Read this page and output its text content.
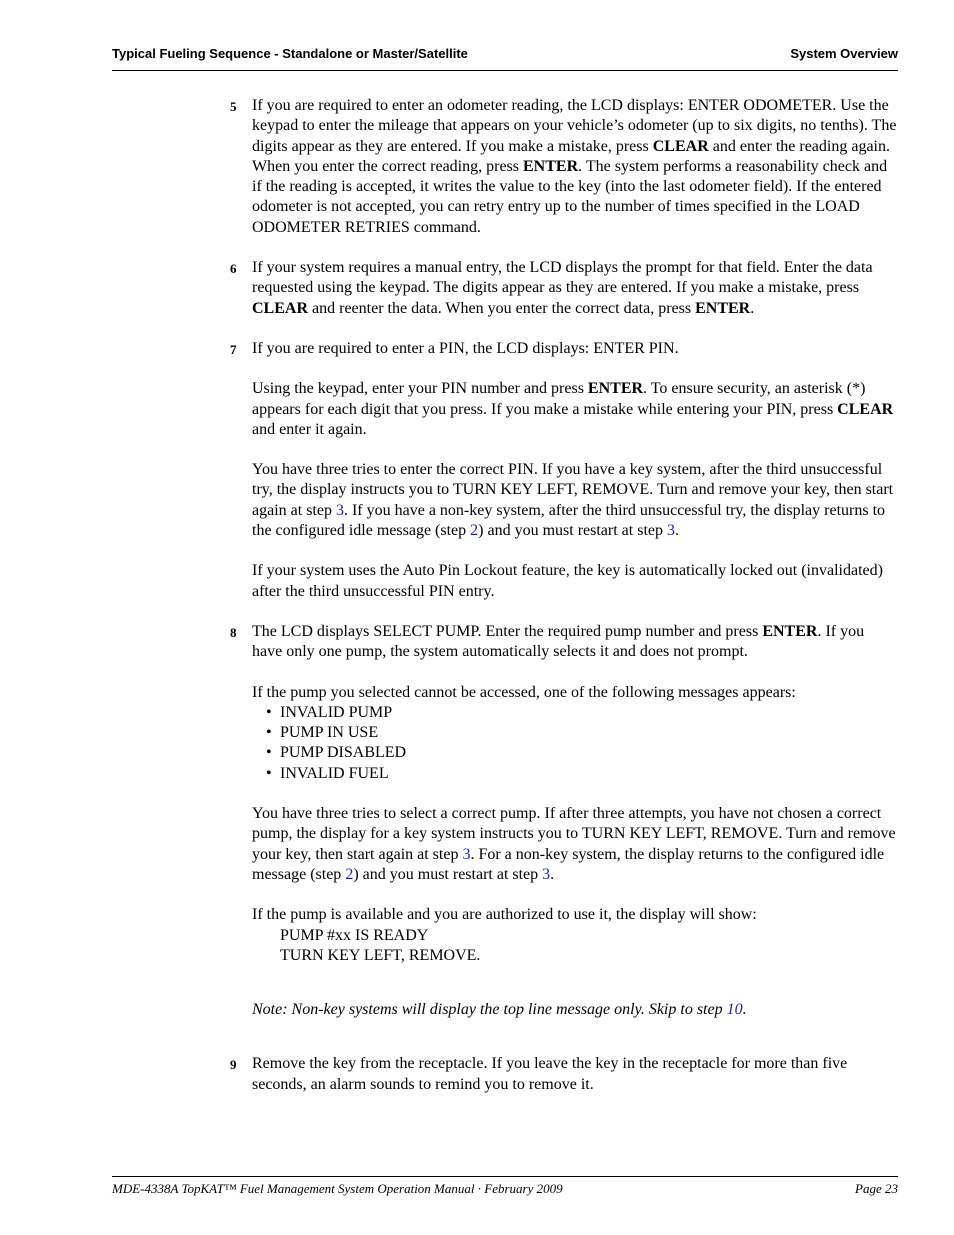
Typical Fueling Sequence - Standalone or Master/Satellite	System Overview
5 If you are required to enter an odometer reading, the LCD displays: ENTER ODOMETER. Use the keypad to enter the mileage that appears on your vehicle’s odometer (up to six digits, no tenths). The digits appear as they are entered. If you make a mistake, press CLEAR and enter the reading again. When you enter the correct reading, press ENTER. The system performs a reasonability check and if the reading is accepted, it writes the value to the key (into the last odometer field). If the entered odometer is not accepted, you can retry entry up to the number of times specified in the LOAD ODOMETER RETRIES command.

6 If your system requires a manual entry, the LCD displays the prompt for that field. Enter the data requested using the keypad. The digits appear as they are entered. If you make a mistake, press CLEAR and reenter the data. When you enter the correct data, press ENTER.

7 If you are required to enter a PIN, the LCD displays: ENTER PIN.

Using the keypad, enter your PIN number and press ENTER. To ensure security, an asterisk (*) appears for each digit that you press. If you make a mistake while entering your PIN, press CLEAR and enter it again.

You have three tries to enter the correct PIN. If you have a key system, after the third unsuccessful try, the display instructs you to TURN KEY LEFT, REMOVE. Turn and remove your key, then start again at step 3. If you have a non-key system, after the third unsuccessful try, the display returns to the configured idle message (step 2) and you must restart at step 3.

If your system uses the Auto Pin Lockout feature, the key is automatically locked out (invalidated) after the third unsuccessful PIN entry.

8 The LCD displays SELECT PUMP. Enter the required pump number and press ENTER. If you have only one pump, the system automatically selects it and does not prompt.

If the pump you selected cannot be accessed, one of the following messages appears:

• INVALID PUMP
• PUMP IN USE
• PUMP DISABLED
• INVALID FUEL

You have three tries to select a correct pump. If after three attempts, you have not chosen a correct pump, the display for a key system instructs you to TURN KEY LEFT, REMOVE. Turn and remove your key, then start again at step 3. For a non-key system, the display returns to the configured idle message (step 2) and you must restart at step 3.

If the pump is available and you are authorized to use it, the display will show:

PUMP #xx IS READY
TURN KEY LEFT, REMOVE.

Note: Non-key systems will display the top line message only. Skip to step 10.

9 Remove the key from the receptacle. If you leave the key in the receptacle for more than five seconds, an alarm sounds to remind you to remove it.

MDE-4338A TopKAT™ Fuel Management System Operation Manual · February 2009	Page 23
